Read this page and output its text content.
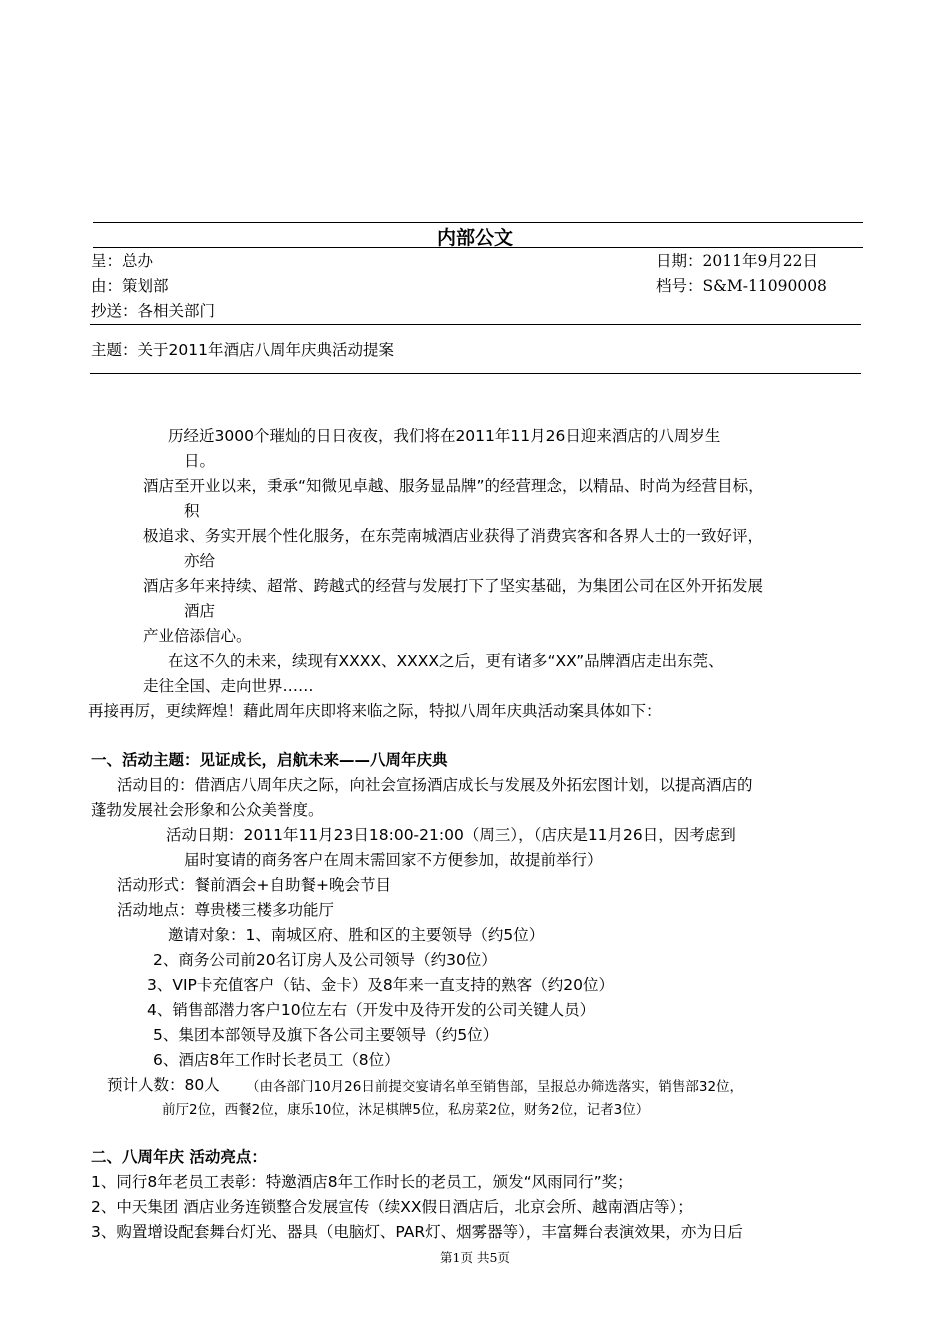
内部公文
呈：总办	日期：2011年9月22日
由：策划部	档号：S&M-11090008
抄送：各相关部门
主题：关于2011年酒店八周年庆典活动提案
历经近3000个璀灿的日日夜夜，我们将在2011年11月26日迎来酒店的八周岁生
日。
酒店至开业以来，秉承“知微见卓越、服务显品牌”的经营理念，以精品、时尚为经营目标，
积
极追求、务实开展个性化服务，在东莞南城酒店业获得了消费宾客和各界人士的一致好评，
亦给
酒店多年来持续、超常、跨越式的经营与发展打下了坚实基础，为集团公司在区外开拓发展
酒店
产业倍添信心。
在这不久的未来，续现有XXXX、XXXX之后，更有诸多“XX”品牌酒店走出东莞、
走往全国、走向世界……
再接再厉，更续辉煌！藉此周年庆即将来临之际，特拟八周年庆典活动案具体如下：
一、活动主题：见证成长，启航未来——八周年庆典
活动目的：借酒店八周年庆之际，向社会宣扬酒店成长与发展及外拓宏图计划，以提高酒店的
蓬勃发展社会形象和公众美誉度。
活动日期：2011年11月23日18:00-21:00（周三），（店庆是11月26日，因考虑到
届时宴请的商务客户在周末需回家不方便参加，故提前举行）
活动形式：餐前酒会+自助餐+晚会节目
活动地点：尊贵楼三楼多功能厅
邀请对象：1、南城区府、胜和区的主要领导（约5位）
2、商务公司前20名订房人及公司领导（约30位）
3、VIP卡充值客户（钻、金卡）及8年来一直支持的熟客（约20位）
4、销售部潜力客户10位左右（开发中及待开发的公司关键人员）
5、集团本部领导及旗下各公司主要领导（约5位）
6、酒店8年工作时长老员工（8位）
预计人数：80人 （由各部门10月26日前提交宴请名单至销售部，呈报总办筛选落实，销售部32位，
前厅2位，西餐2位，康乐10位，沐足棋牌5位，私房菜2位，财务2位，记者3位）
二、八周年庆 活动亮点：
1、同行8年老员工表彰：特邀酒店8年工作时长的老员工，颁发“风雨同行”奖；
2、中天集团 酒店业务连锁整合发展宣传（续XX假日酒店后，北京会所、越南酒店等）；
3、购置增设配套舞台灯光、器具（电脑灯、PAR灯、烟雾器等），丰富舞台表演效果，亦为日后
第1页 共5页
